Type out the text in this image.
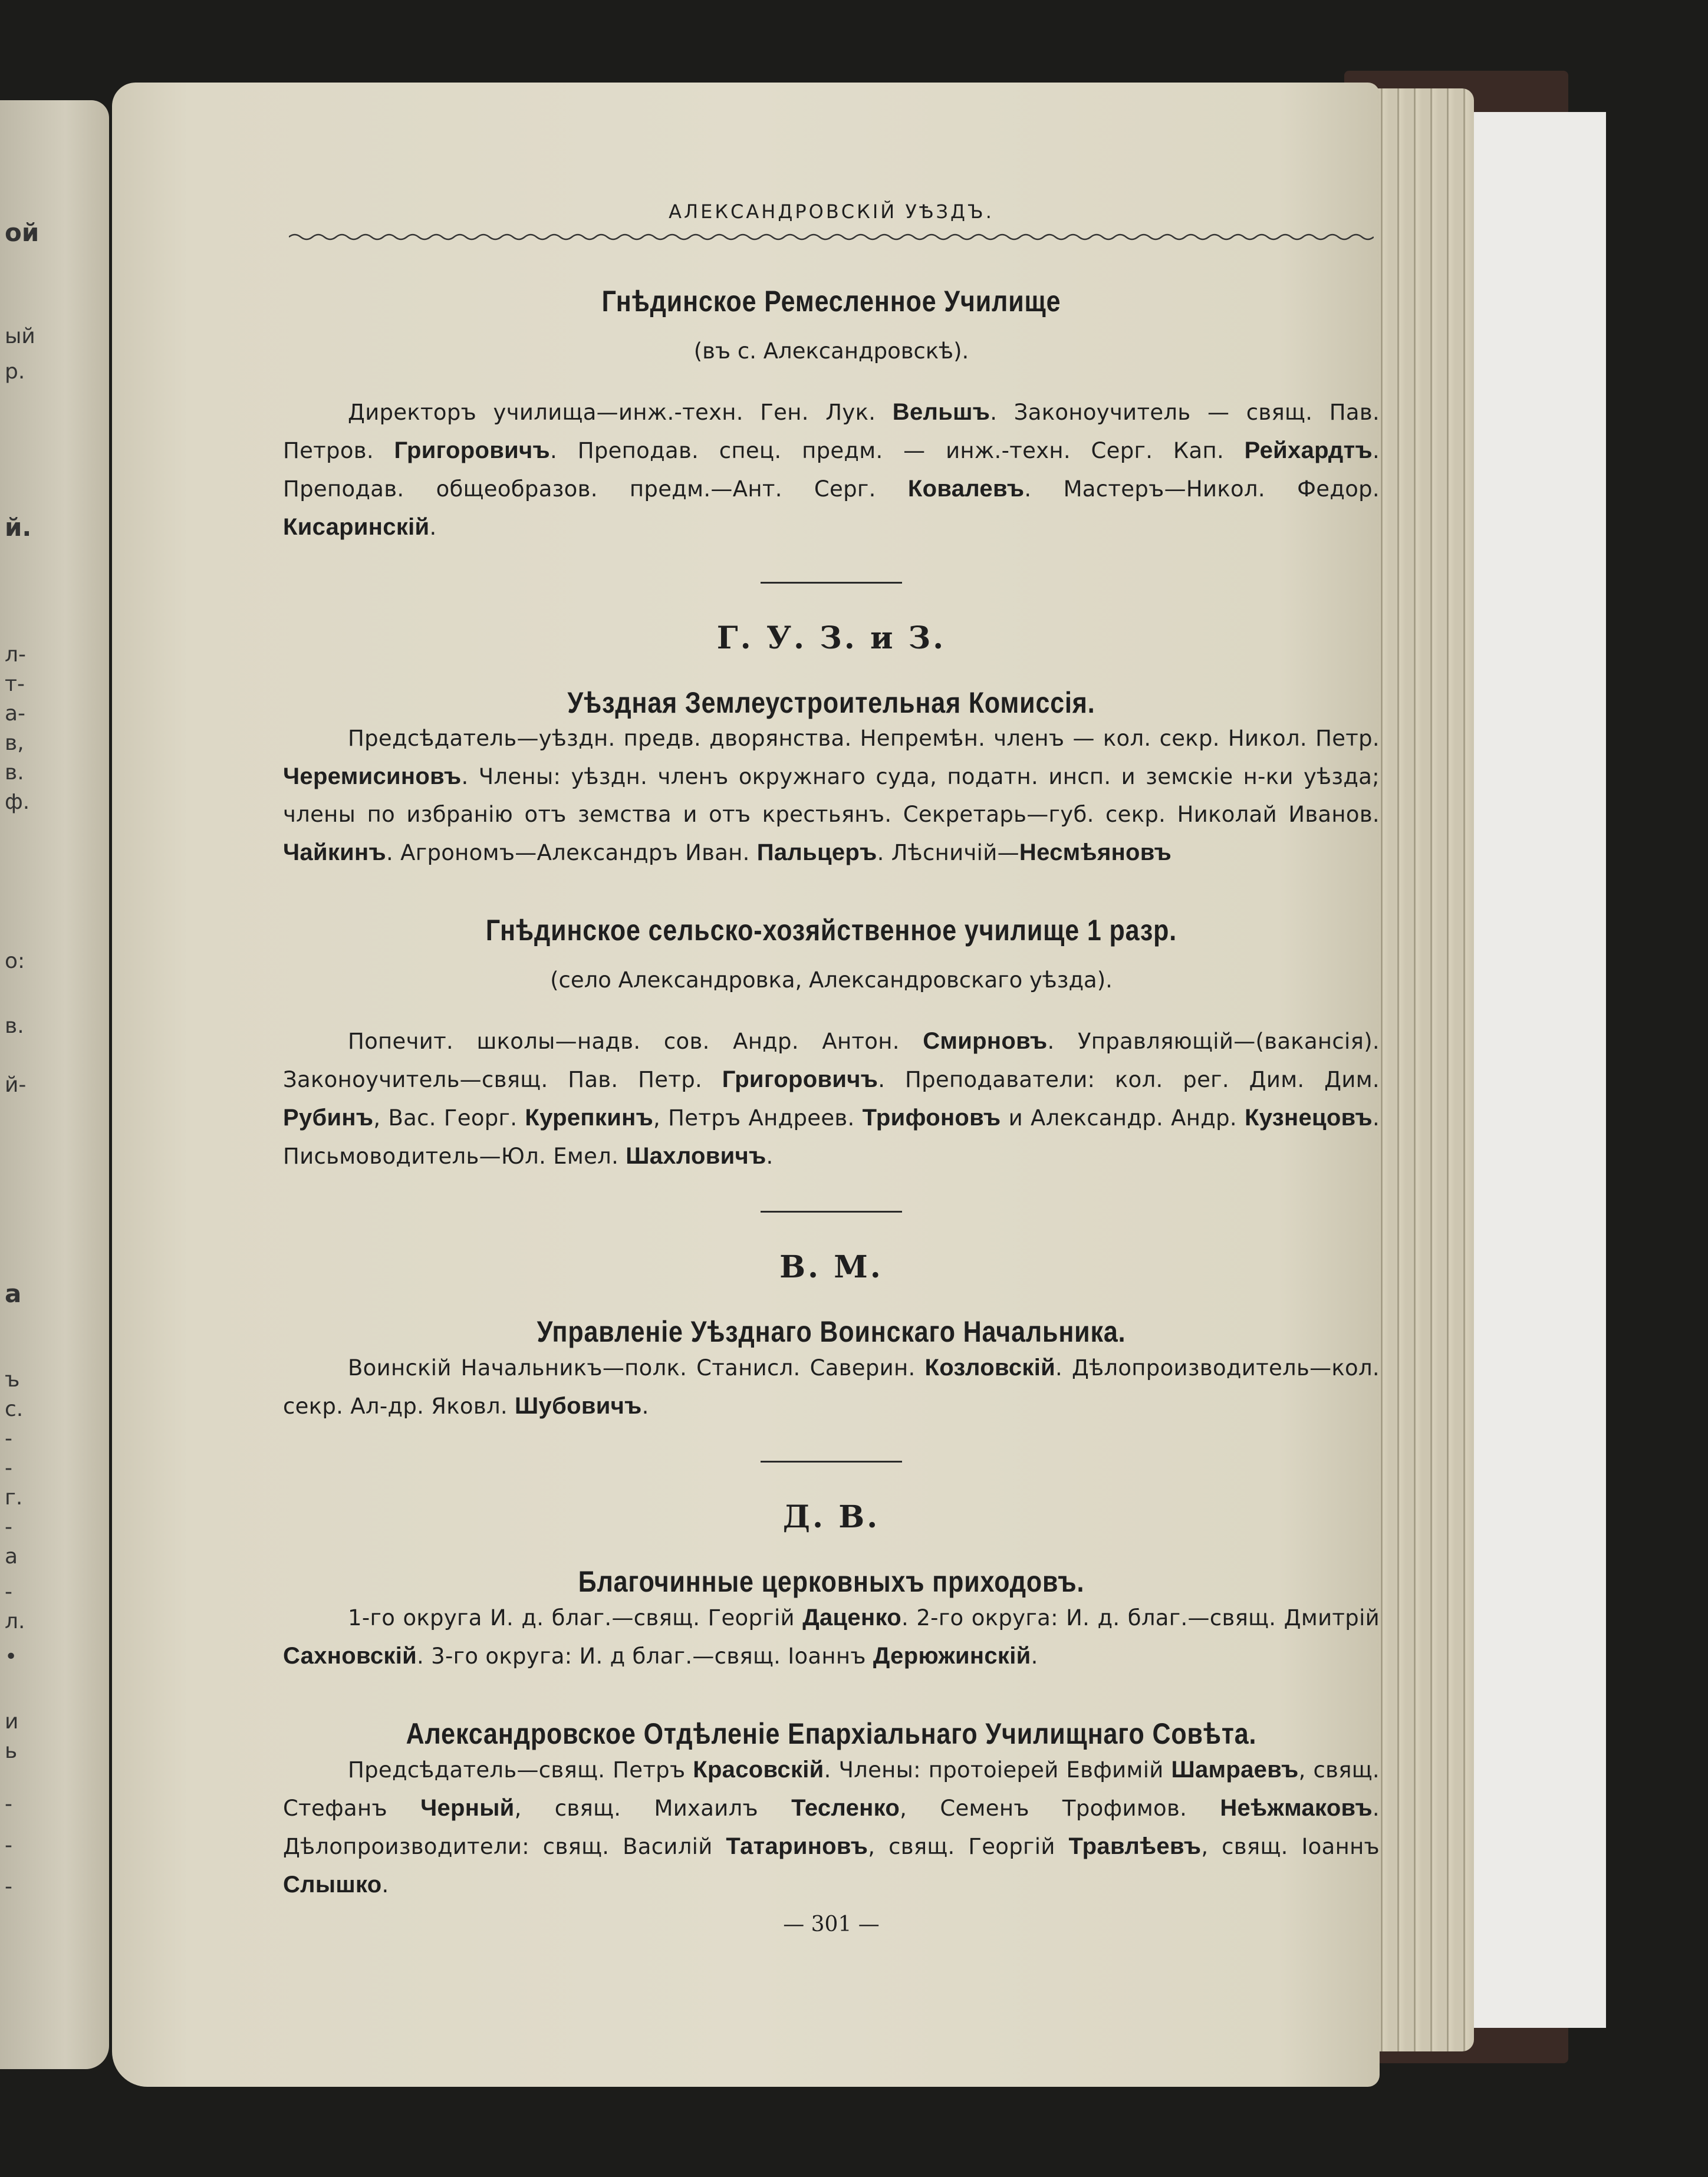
АЛЕКСАНДРОВСКІЙ УѢЗДЪ.
Гнѣдинское Ремесленное Училище
(въ с. Александровскѣ).

Директоръ училища—инж.-техн. Ген. Лук. Вельшъ. Законоучитель — свящ. Пав. Петров. Григоровичъ. Преподав. спец. предм. — инж.-техн. Серг. Кап. Рейхардтъ. Преподав. общеобразов. предм.—Ант. Серг. Ковалевъ. Мастеръ—Никол. Федор. Кисаринскій.

Г. У. З. и З.
Уѣздная Землеустроительная Комиссія.

Предсѣдатель—уѣздн. предв. дворянства. Непремѣн. членъ — кол. секр. Никол. Петр. Черемисиновъ. Члены: уѣздн. членъ окружнаго суда, податн. инсп. и земскіе н-ки уѣзда; члены по избранію отъ земства и отъ крестьянъ. Секретарь—губ. секр. Николай Иванов. Чайкинъ. Агрономъ—Александръ Иван. Пальцеръ. Лѣсничій—Несмѣяновъ

Гнѣдинское сельско-хозяйственное училище 1 разр.
(село Александровка, Александровскаго уѣзда).

Попечит. школы—надв. сов. Андр. Антон. Смирновъ. Управляющій—(вакансія). Законоучитель—свящ. Пав. Петр. Григоровичъ. Преподаватели: кол. рег. Дим. Дим. Рубинъ, Вас. Георг. Курепкинъ, Петръ Андреев. Трифоновъ и Александр. Андр. Кузнецовъ. Письмоводитель—Юл. Емел. Шахловичъ.

В. М.
Управленіе Уѣзднаго Воинскаго Начальника.

Воинскій Начальникъ—полк. Станисл. Саверин. Козловскій. Дѣлопроизводитель—кол. секр. Ал-др. Яковл. Шубовичъ.

Д. В.
Благочинные церковныхъ приходовъ.

1-го округа И. д. благ.—свящ. Георгій Даценко. 2-го округа: И. д. благ.—свящ. Дмитрій Сахновскій. 3-го округа: И. д благ.—свящ. Іоаннъ Дерюжинскій.

Александровское Отдѣленіе Епархіальнаго Училищнаго Совѣта.

Предсѣдатель—свящ. Петръ Красовскій. Члены: протоіерей Евфимій Шамраевъ, свящ. Стефанъ Черный, свящ. Михаилъ Тесленко, Семенъ Трофимов. Неѣжмаковъ. Дѣлопроизводители: свящ. Василій Татариновъ, свящ. Георгій Травлѣевъ, свящ. Іоаннъ Слышко.

— 301 —
ой
ый
р.
й.
л-
т-
а-
в,
в.
ф.
о:
в.
й-
а
ъ
с.
-
-
г.
-
а
-
л.
•
и
ь
-
-
-
